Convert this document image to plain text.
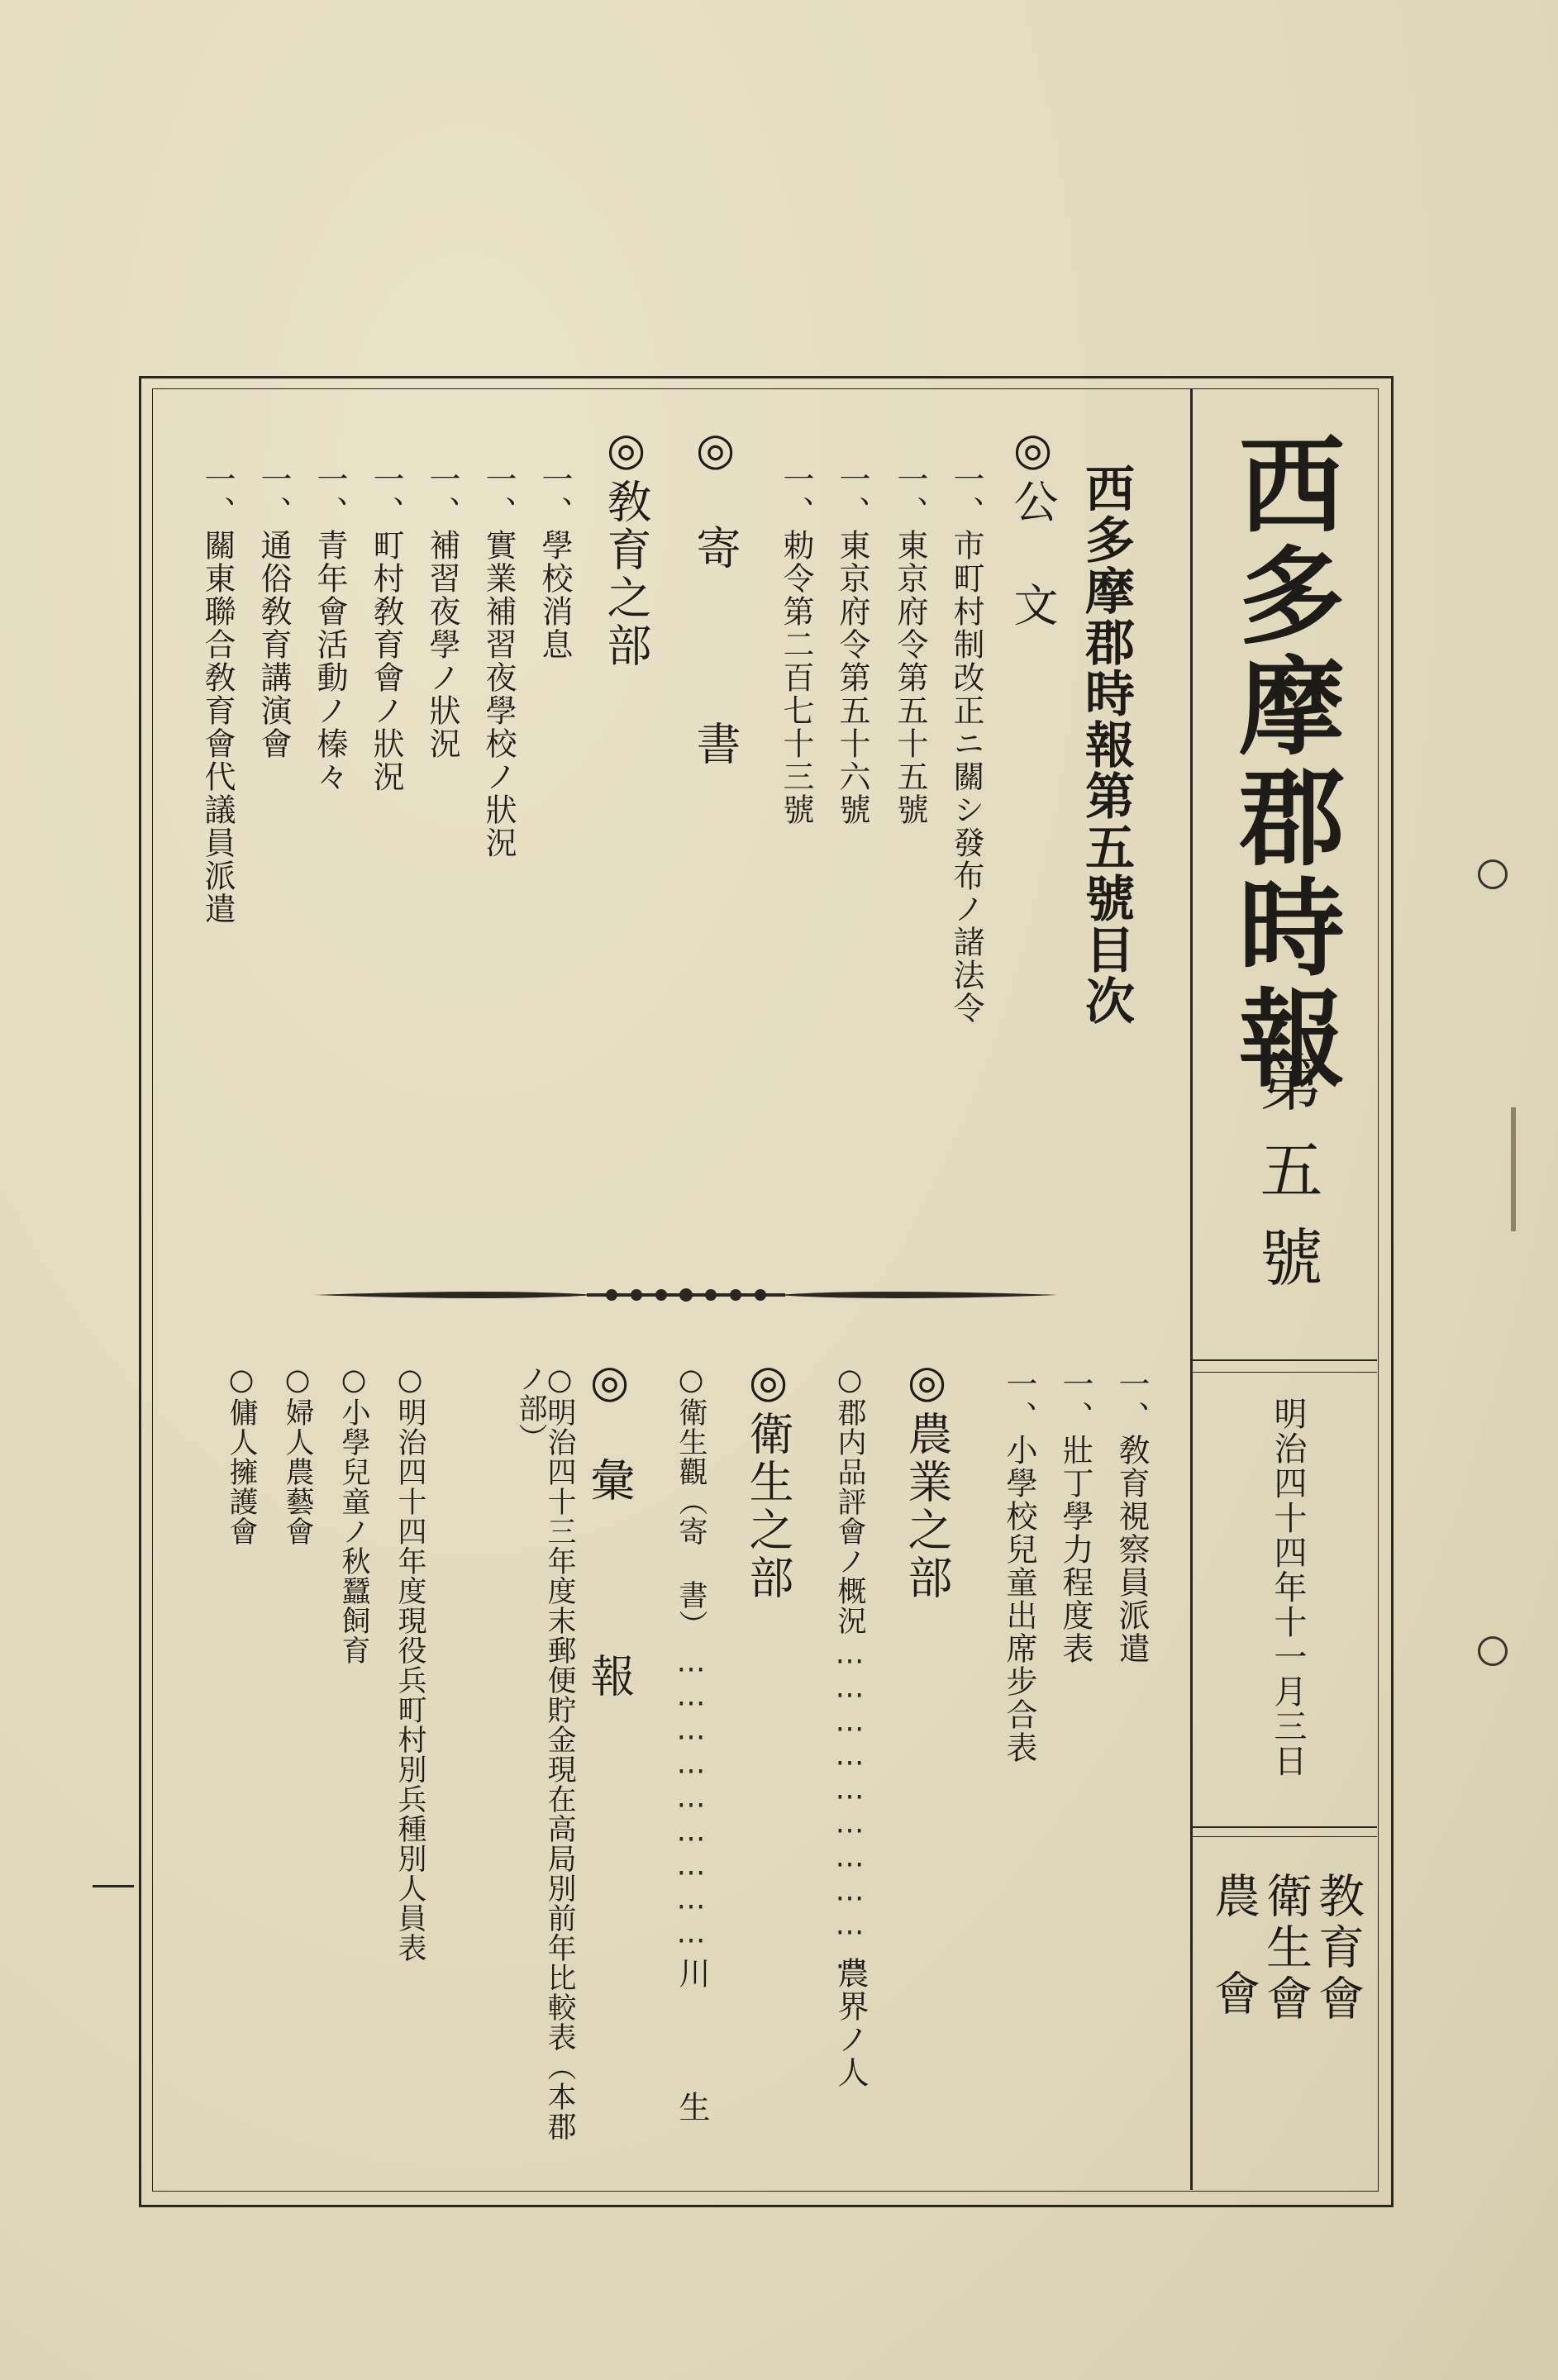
西多摩郡時報
第五號
明治四十四年十一月三日
教育會
衛生會
農會
西多摩郡時報第五號目次
◎公 文
一、市町村制改正ニ關シ發布ノ諸法令
一、東京府令第五十五號
一、東京府令第五十六號
一、勅令第二百七十三號
◎寄 書
◎敎育之部
一、學校消息
一、實業補習夜學校ノ狀況
一、補習夜學ノ狀況
一、町村敎育會ノ狀況
一、青年會活動ノ榛々
一、通俗敎育講演會
一、關東聯合敎育會代議員派遣
一、敎育視察員派遣
一、壯丁學力程度表
一、小學校兒童出席步合表
◎農業之部
○郡内品評會ノ概況
⋯⋯⋯⋯⋯⋯⋯⋯⋯⋯
農界ノ人
◎衛生之部
○衛生觀（寄 書）
⋯⋯⋯⋯⋯⋯⋯⋯⋯
川 生
◎彙 報
○明治四十三年度末郵便貯金現在高局別前年比較表（本郡ノ部）
○明治四十四年度現役兵町村別兵種別人員表
○小學兒童ノ秋蠶飼育
○婦人農藝會
○傭人擁護會
